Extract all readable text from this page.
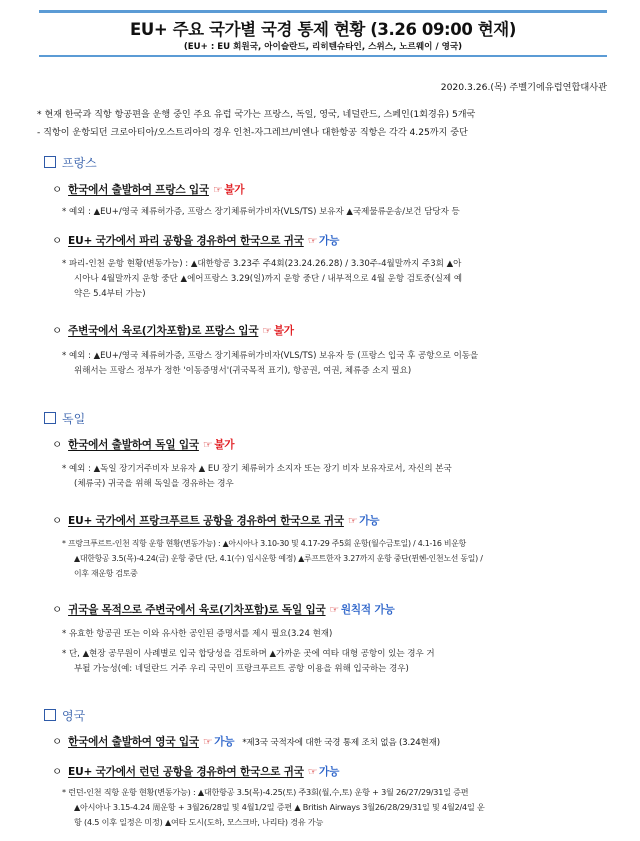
EU+ 주요 국가별 국경 통제 현황 (3.26 09:00 현재)
(EU+ : EU 회원국, 아이슬란드, 리히텐슈타인, 스위스, 노르웨이 / 영국)
2020.3.26.(목) 주벨기에유럽연합대사관
* 현재 한국과 직항 항공편을 운행 중인 주요 유럽 국가는 프랑스, 독일, 영국, 네덜란드, 스페인(1회경유) 5개국
- 직항이 운항되던 크로아티아/오스트리아의 경우 인천-자그레브/비엔나 대한항공 직항은 각각 4.25까지 중단
프랑스
ㅇ 한국에서 출발하여 프랑스 입국 ☞ 불가
* 예외 : ▲EU+/영국 체류허가증, 프랑스 장기체류허가비자(VLS/TS) 보유자 ▲국제물류운송/보건 담당자 등
ㅇ EU+ 국가에서 파리 공항을 경유하여 한국으로 귀국 ☞ 가능
* 파리-인천 운항 현황(변동가능) : ▲대한항공 3.23주 주4회(23.24.26.28) / 3.30주-4월말까지 주3회 ▲아
시아나 4월말까지 운항 중단 ▲에어프랑스 3.29(일)까지 운항 중단 / 내부적으로 4월 운항 검토중(실제 예
약은 5.4부터 가능)
ㅇ 주변국에서 육로(기차포함)로 프랑스 입국 ☞ 불가
* 예외 : ▲EU+/영국 체류허가증, 프랑스 장기체류허가비자(VLS/TS) 보유자 등 (프랑스 입국 후 공항으로 이동을
위해서는 프랑스 정부가 정한 '이동증명서'(귀국목적 표기), 항공권, 여권, 체류증 소지 필요)
독일
ㅇ 한국에서 출발하여 독일 입국 ☞ 불가
* 예외 : ▲독일 장기거주비자 보유자 ▲ EU 장기 체류허가 소지자 또는 장기 비자 보유자로서, 자신의 본국
(체류국) 귀국을 위해 독일을 경유하는 경우
ㅇ EU+ 국가에서 프랑크푸르트 공항을 경유하여 한국으로 귀국 ☞ 가능
* 프랑크푸르트-인천 직항 운항 현황(변동가능) : ▲아시아나 3.10-30 및 4.17-29 주5회 운항(월수금토일) / 4.1-16 비운항
▲대한항공 3.5(목)-4.24(금) 운항 중단 (단, 4.1(수) 임시운항 예정) ▲루프트한자 3.27까지 운항 중단(뮌헨-인천노선 동일) /
이후 재운항 검토중
ㅇ 귀국을 목적으로 주변국에서 육로(기차포함)로 독일 입국 ☞ 원칙적 가능
* 유효한 항공권 또는 이와 유사한 공인된 증명서를 제시 필요(3.24 현재)
* 단, ▲현장 공무원이 사례별로 입국 합당성을 검토하며 ▲가까운 곳에 여타 대형 공항이 있는 경우 거
부될 가능성(예: 네덜란드 거주 우리 국민이 프랑크푸르트 공항 이용을 위해 입국하는 경우)
영국
ㅇ 한국에서 출발하여 영국 입국 ☞ 가능 *제3국 국적자에 대한 국경 통제 조치 없음 (3.24현재)
ㅇ EU+ 국가에서 런던 공항을 경유하여 한국으로 귀국 ☞ 가능
* 런던-인천 직항 운항 현황(변동가능) : ▲대한항공 3.5(목)-4.25(토) 주3회(월,수,토) 운항 + 3월 26/27/29/31일 증편
▲아시아나 3.15-4.24 周운항 + 3월26/28일 및 4월1/2일 증편 ▲ British Airways 3월26/28/29/31일 및 4월2/4일 운
항 (4.5 이후 일정은 미정) ▲여타 도시(도하, 모스크바, 나리타) 경유 가능
